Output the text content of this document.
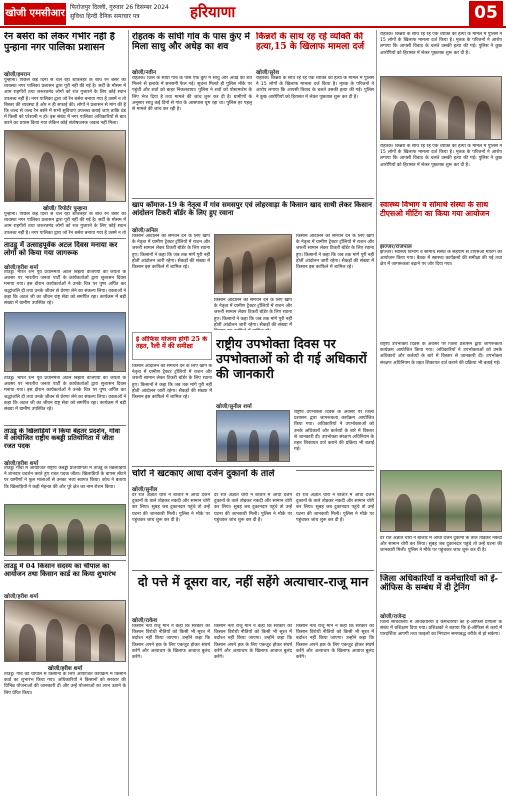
खोजी एमसीआर
फिरोजपुर दिल्ली, गुरुवार 26 दिसम्बर 2024
सुविधा हिन्दी दैनिक समाचार पत्र	हरियाणा	05
रेन बसेरा को लेकर गंभीर नहीं है पुन्हाना नगर पालिका प्रशासन
खोजी/इमरान
पुन्हाना। पिछले कई दिनों से चल रही शीतलहर के बीच रैन बसेरे की व्यवस्था नगर पालिका प्रशासन द्वारा पूरी नहीं की गई है। सर्दी के मौसम में आम राहगीरों तथा जरूरतमंद लोगों को रात गुजारने के लिए कोई स्थान उपलब्ध नहीं है। नगर पालिका द्वारा जो रैन बसेरा बनाया गया है उसमें न तो बिस्तर की व्यवस्था है और न ही सफाई की। लोगों ने प्रशासन से मांग की है कि जल्द से जल्द रैन बसेरे में सभी सुविधाएं उपलब्ध कराई जाएं ताकि ठंड में किसी को परेशानी न हो। इस संबंध में नगर पालिका अधिकारियों से बात करने का प्रयास किया गया लेकिन कोई संतोषजनक जवाब नहीं मिला।
खोजी/ रिपोर्टर पुन्हाना
पुन्हाना। पिछले कई दिनों से चल रही शीतलहर के बीच रैन बसेरे की व्यवस्था नगर पालिका प्रशासन द्वारा पूरी नहीं की गई है। सर्दी के मौसम में आम राहगीरों तथा जरूरतमंद लोगों को रात गुजारने के लिए कोई स्थान उपलब्ध नहीं है। नगर पालिका द्वारा जो रैन बसेरा बनाया गया है उसमें न तो
ताउडू में उत्साहपूर्वक अटल दिवस मनाया कर लोगों को किया गया जागरूक
खोजी/हरीश शर्मा
ताउडू। भारत रत्न पूर्व प्रधानमंत्री अटल बिहारी वाजपेयी की जयंती के अवसर पर भारतीय जनता पार्टी के कार्यकर्ताओं द्वारा सुशासन दिवस मनाया गया। इस दौरान कार्यकर्ताओं ने उनके चित्र पर पुष्प अर्पित कर श्रद्धांजलि दी तथा उनके जीवन से प्रेरणा लेने का संकल्प लिया। वक्ताओं ने कहा कि अटल जी का जीवन राष्ट्र सेवा को समर्पित रहा। कार्यक्रम में बड़ी संख्या में ग्रामीण उपस्थित रहे।
ताउडू। भारत रत्न पूर्व प्रधानमंत्री अटल बिहारी वाजपेयी की जयंती के अवसर पर भारतीय जनता पार्टी के कार्यकर्ताओं द्वारा सुशासन दिवस मनाया गया। इस दौरान कार्यकर्ताओं ने उनके चित्र पर पुष्प अर्पित कर श्रद्धांजलि दी तथा उनके जीवन से प्रेरणा लेने का संकल्प लिया। वक्ताओं ने कहा कि अटल जी का जीवन राष्ट्र सेवा को समर्पित रहा। कार्यक्रम में बड़ी संख्या में ग्रामीण उपस्थित रहे।
ताउडू के खिलाड़ियों ने किया बेहतर प्रदर्शन, गोवा में आयोजित राष्ट्रीय कबड्डी प्रतियोगिता में जीता रजत पदक
खोजी/हरीश शर्मा
ताउडू। गोवा में आयोजित राष्ट्रीय कबड्डी प्रतियोगिता में ताउडू के खिलाड़ियों ने शानदार प्रदर्शन करते हुए रजत पदक जीता। खिलाड़ियों के वापस लौटने पर ग्रामीणों ने फूल मालाओं से उनका भव्य स्वागत किया। कोच ने बताया कि खिलाड़ियों ने कड़ी मेहनत की और पूरे क्षेत्र का नाम रोशन किया।
ताउडू में 04 किसान सदस्य का चौपाल का आयोजन तथा किसान कार्ड का किया शुभारंभ
खोजी/हरीश शर्मा
खोजी/हरीश शर्मा
ताउडू। गांव की चौपाल में किसानों के लिए आयोजित कार्यक्रम में किसान कार्ड का शुभारंभ किया गया। अधिकारियों ने किसानों को सरकार की विभिन्न योजनाओं की जानकारी दी और उन्हें योजनाओं का लाभ उठाने के लिए प्रेरित किया।
रोहतक के सांघी गांव के पास कुंए में मिला साधु और अधेड़ का शव
खोजी/नवीन
रोहतक। जिले के सांघी गांव के पास एक कुएं में साधु और अधेड़ का शव मिलने से इलाके में सनसनी फैल गई। सूचना मिलते ही पुलिस मौके पर पहुंची और शवों को बाहर निकलवाया। पुलिस ने शवों को पोस्टमार्टम के लिए भेज दिया है तथा मामले की जांच शुरू कर दी है। ग्रामीणों के अनुसार साधु कई दिनों से गांव के आसपास घूम रहा था। पुलिस हर पहलू से मामले की जांच कर रही है।
किन्नरों के साथ रह रहे व्यक्ति की हत्या,15 के खिलाफ मामला दर्ज
खोजी/सुरेश
रोहतक। किन्नरों के साथ रह रहे एक व्यक्ति की हत्या के मामले में पुलिस ने 15 लोगों के खिलाफ मामला दर्ज किया है। मृतक के परिजनों ने आरोप लगाया कि आपसी विवाद के चलते उसकी हत्या की गई। पुलिस ने कुछ आरोपियों को हिरासत में लेकर पूछताछ शुरू कर दी है।
खाप कॉमाज-19 के नेतृत्व में गांव समसपुर एवं लोहरवाड़ा के किसान खाद साथी लेकर किसान आंदोलन टिकरी बॉर्डर के लिए हुए रवाना
खोजी/अनिल
किसान आंदोलन को समर्थन देने के लिए खाप के नेतृत्व में ग्रामीण ट्रैक्टर ट्रॉलियों में राशन और जरूरी सामान लेकर टिकरी बॉर्डर के लिए रवाना हुए। किसानों ने कहा कि जब तक मांगें पूरी नहीं होतीं आंदोलन जारी रहेगा। सैकड़ों की संख्या में किसान इस काफिले में शामिल रहे।
किसान आंदोलन को समर्थन देने के लिए खाप के नेतृत्व में ग्रामीण ट्रैक्टर ट्रॉलियों में राशन और जरूरी सामान लेकर टिकरी बॉर्डर के लिए रवाना हुए। किसानों ने कहा कि जब तक मांगें पूरी नहीं होतीं आंदोलन जारी रहेगा। सैकड़ों की संख्या में
किसान आंदोलन को समर्थन देने के लिए खाप के नेतृत्व में ग्रामीण ट्रैक्टर ट्रॉलियों में राशन और जरूरी सामान लेकर टिकरी बॉर्डर के लिए रवाना हुए। किसानों ने कहा कि जब तक मांगें पूरी नहीं होतीं आंदोलन जारी रहेगा। सैकड़ों की संख्या में किसान इस काफिले में शामिल रहे।
ई ऑफिस योजना होगी 25 के तहत, रैली में की समीक्षा
किसान आंदोलन को समर्थन देने के लिए खाप के नेतृत्व में ग्रामीण ट्रैक्टर ट्रॉलियों में राशन और जरूरी सामान लेकर टिकरी बॉर्डर के लिए रवाना हुए। किसानों ने कहा कि जब तक मांगें पूरी नहीं होतीं आंदोलन जारी रहेगा। सैकड़ों की संख्या में किसान इस काफिले में शामिल रहे।
राष्ट्रीय उपभोक्ता दिवस पर उपभोक्ताओं को दी गई अधिकारों की जानकारी
खोजी/सुनील शर्मा
राष्ट्रीय उपभोक्ता दिवस के अवसर पर जिला प्रशासन द्वारा जागरूकता कार्यक्रम आयोजित किया गया। अधिकारियों ने उपभोक्ताओं को उनके अधिकारों और कर्तव्यों के बारे में विस्तार से जानकारी दी। उपभोक्ता संरक्षण अधिनियम के तहत शिकायत दर्ज कराने की प्रक्रिया भी बताई गई।
चोरों ने खटकाए आधा दर्जन दुकानों के ताले
खोजी/सुनील
देर रात अज्ञात चोरों ने बाजार में आधा दर्जन दुकानों के ताले तोड़कर नकदी और सामान चोरी कर लिया। सुबह जब दुकानदार पहुंचे तो उन्हें घटना की जानकारी मिली। पुलिस ने मौके पर पहुंचकर जांच शुरू कर दी है।
देर रात अज्ञात चोरों ने बाजार में आधा दर्जन दुकानों के ताले तोड़कर नकदी और सामान चोरी कर लिया। सुबह जब दुकानदार पहुंचे तो उन्हें घटना की जानकारी मिली। पुलिस ने मौके पर पहुंचकर जांच शुरू कर दी है।
देर रात अज्ञात चोरों ने बाजार में आधा दर्जन दुकानों के ताले तोड़कर नकदी और सामान चोरी कर लिया। सुबह जब दुकानदार पहुंचे तो उन्हें घटना की जानकारी मिली। पुलिस ने मौके पर पहुंचकर जांच शुरू कर दी है।
दो पत्ते में दूसरा वार, नहीं सहेंगे अत्याचार-राजू मान
खोजी/राकेश
किसान नेता राजू मान ने कहा कि सरकार की किसान विरोधी नीतियों को किसी भी सूरत में बर्दाश्त नहीं किया जाएगा। उन्होंने कहा कि किसान अपने हक के लिए एकजुट होकर संघर्ष करेंगे और अत्याचार के खिलाफ आवाज बुलंद करेंगे।
किसान नेता राजू मान ने कहा कि सरकार की किसान विरोधी नीतियों को किसी भी सूरत में बर्दाश्त नहीं किया जाएगा। उन्होंने कहा कि किसान अपने हक के लिए एकजुट होकर संघर्ष करेंगे और अत्याचार के खिलाफ आवाज बुलंद करेंगे।
किसान नेता राजू मान ने कहा कि सरकार की किसान विरोधी नीतियों को किसी भी सूरत में बर्दाश्त नहीं किया जाएगा। उन्होंने कहा कि किसान अपने हक के लिए एकजुट होकर संघर्ष करेंगे और अत्याचार के खिलाफ आवाज बुलंद करेंगे।
रोहतक। किन्नरों के साथ रह रहे एक व्यक्ति की हत्या के मामले में पुलिस ने 15 लोगों के खिलाफ मामला दर्ज किया है। मृतक के परिजनों ने आरोप लगाया कि आपसी विवाद के चलते उसकी हत्या की गई। पुलिस ने कुछ आरोपियों को हिरासत में लेकर पूछताछ शुरू कर दी है।
स्वास्थ्य विभाग व सोमार्थ संस्था के साथ टीएसओ मीटिंग का किया गया आयोजन
झज्जर/राजपाल
झज्जर। स्वास्थ्य विभाग व सोमार्थ संस्था के सहयोग से टीएसओ मीटिंग का आयोजन किया गया। बैठक में स्वास्थ्य कार्यक्रमों की समीक्षा की गई तथा क्षेत्र में जागरूकता बढ़ाने पर जोर दिया गया।
राष्ट्रीय उपभोक्ता दिवस के अवसर पर जिला प्रशासन द्वारा जागरूकता कार्यक्रम आयोजित किया गया। अधिकारियों ने उपभोक्ताओं को उनके अधिकारों और कर्तव्यों के बारे में विस्तार से जानकारी दी। उपभोक्ता संरक्षण अधिनियम के तहत शिकायत दर्ज कराने की प्रक्रिया भी बताई गई।
देर रात अज्ञात चोरों ने बाजार में आधा दर्जन दुकानों के ताले तोड़कर नकदी और सामान चोरी कर लिया। सुबह जब दुकानदार पहुंचे तो उन्हें घटना की जानकारी मिली। पुलिस ने मौके पर पहुंचकर जांच शुरू कर दी है।
जिला अधिकारियों व कर्मचारियों को ई-ऑफिस के सम्बंध में दी ट्रेनिंग
खोजी/राजेन्द्र
जिला सचिवालय में अधिकारियों व कर्मचारियों को ई-ऑफिस प्रणाली के संबंध में प्रशिक्षण दिया गया। प्रशिक्षकों ने बताया कि ई-ऑफिस से कार्य में पारदर्शिता आएगी तथा फाइलों का निपटान समयबद्ध तरीके से हो सकेगा।
रोहतक। किन्नरों के साथ रह रहे एक व्यक्ति की हत्या के मामले में पुलिस ने 15 लोगों के खिलाफ मामला दर्ज किया है। मृतक के परिजनों ने आरोप लगाया कि आपसी विवाद के चलते उसकी हत्या की गई। पुलिस ने कुछ आरोपियों को हिरासत में लेकर पूछताछ शुरू कर दी है।
